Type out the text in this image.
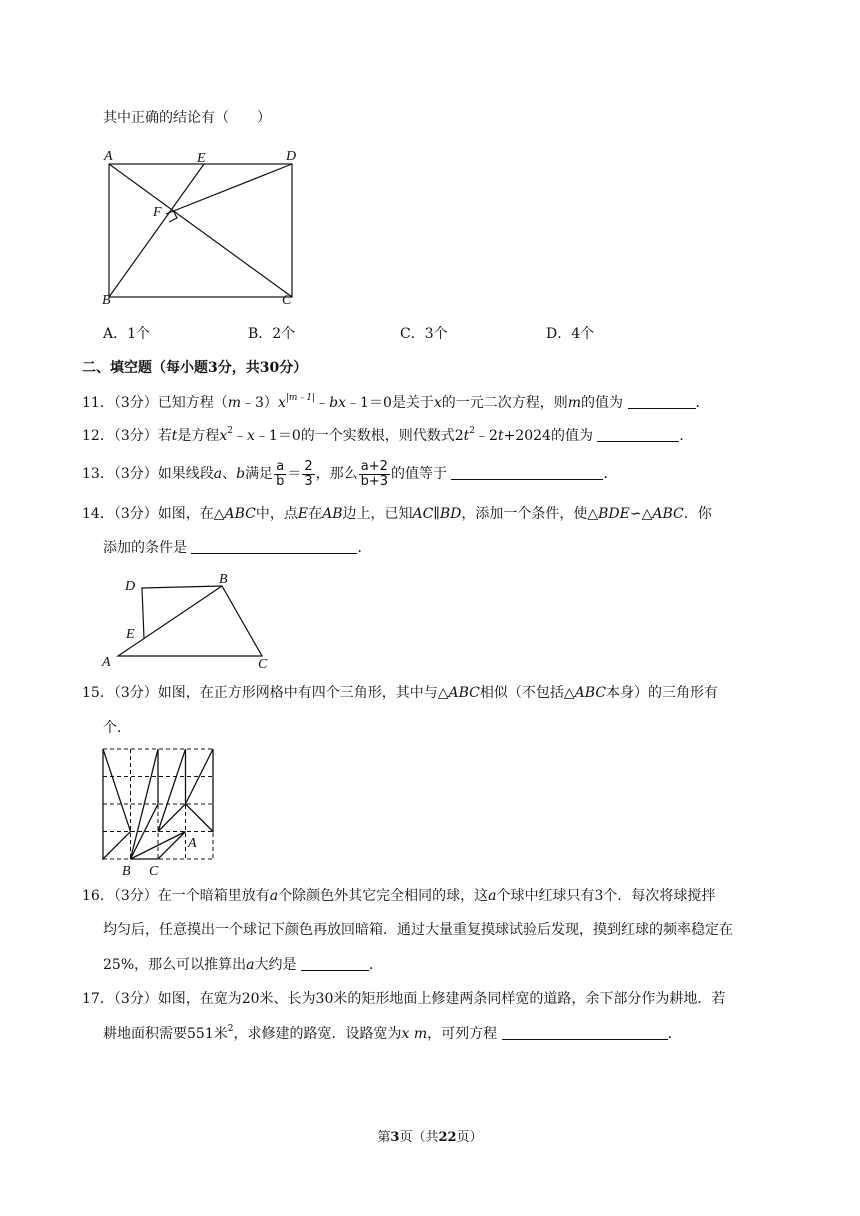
其中正确的结论有（　　）
A	E	D
F
B	C
A．1个	B．2个	C．3个	D．4个
二、填空题（每小题3分，共30分）
11．（3分）已知方程$(m﹣3)x^{|m﹣1|}﹣bx﹣1=0$是关于x的一元二次方程，则m的值为	．
12．（3分）若t是方程$x^2﹣x﹣1=0$的一个实数根，则代数式$2t^2﹣2t+2024$的值为	．
13．（3分）如果线段a、b满足 $\frac{a}{b} = \frac{2}{3}$ ，那么 $\frac{a+2}{b+3}$ 的值等于	．
14．（3分）如图，在△ABC中，点E在AB边上，已知AC∥BD，添加一个条件，使△BDE∽△ABC．你
添加的条件是	．
D	B
E
A	C
15．（3分）如图，在正方形网格中有四个三角形，其中与△ABC相似（不包括△ABC本身）的三角形有
个．
A
B C
16．（3分）在一个暗箱里放有a个除颜色外其它完全相同的球，这a个球中红球只有3个．每次将球搅拌
均匀后，任意摸出一个球记下颜色再放回暗箱．通过大量重复摸球试验后发现，摸到红球的频率稳定在
25%，那么可以推算出a大约是	．
17．（3分）如图，在宽为20米、长为30米的矩形地面上修建两条同样宽的道路，余下部分作为耕地．若
耕地面积需要551米$^2$，求修建的路宽．设路宽为x m，可列方程	．
第3页（共22页）
